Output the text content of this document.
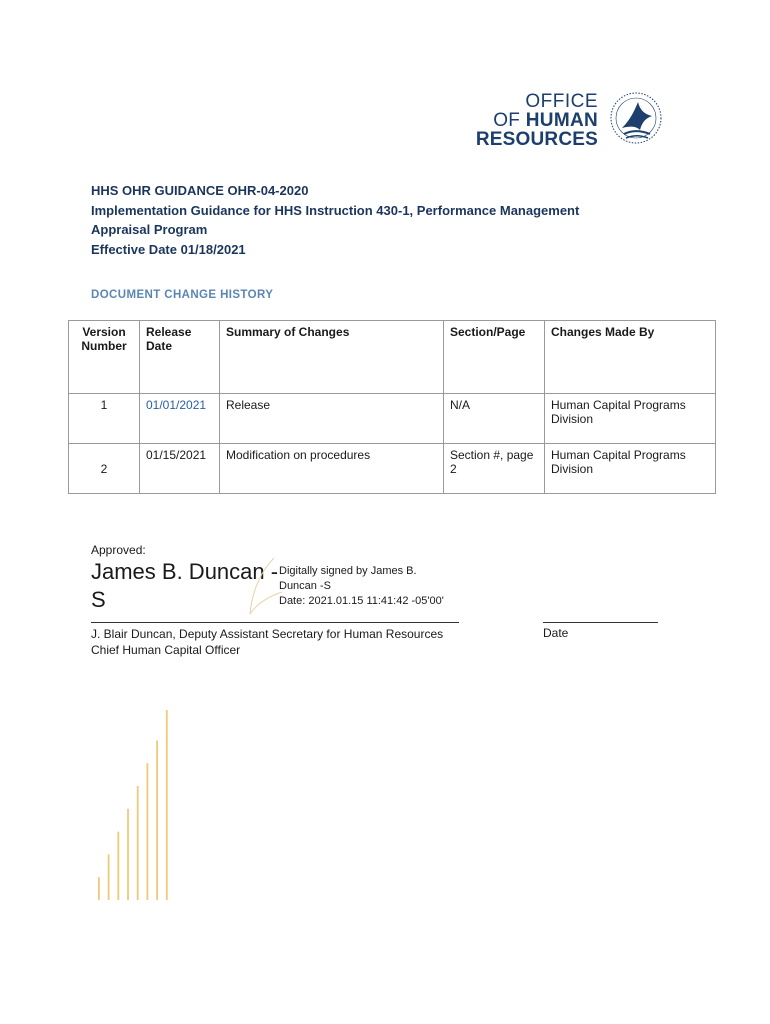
OFFICE
OF HUMAN
RESOURCES
HHS OHR GUIDANCE OHR-04-2020
Implementation Guidance for HHS Instruction 430-1, Performance Management
Appraisal Program
Effective Date 01/18/2021
DOCUMENT CHANGE HISTORY
Version Number	Release Date	Summary of Changes	Section/Page	Changes Made By
1	01/01/2021	Release	N/A	Human Capital Programs Division
2	01/15/2021	Modification on procedures	Section #, page 2	Human Capital Programs Division
Approved:
James B. Duncan -
S
Digitally signed by James B.
Duncan -S
Date: 2021.01.15 11:41:42 -05'00'
J. Blair Duncan, Deputy Assistant Secretary for Human Resources
Chief Human Capital Officer
Date
